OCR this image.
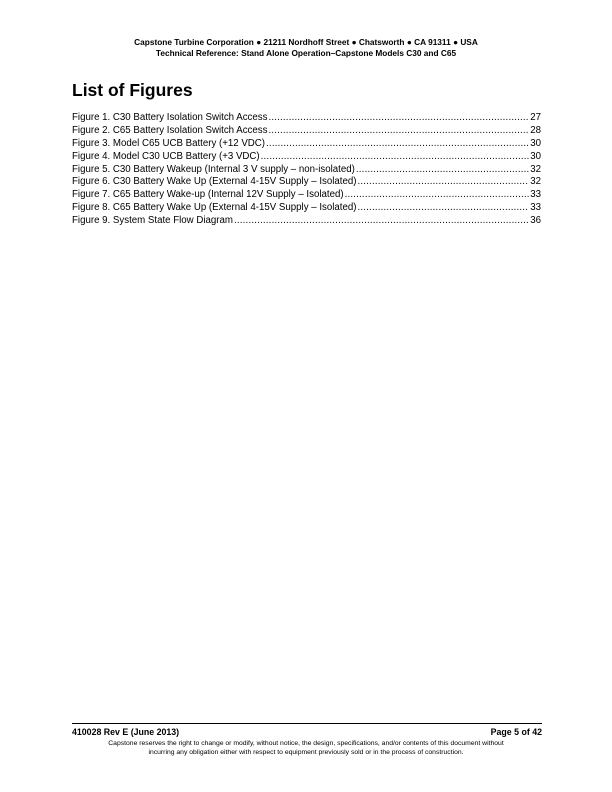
Capstone Turbine Corporation ● 21211 Nordhoff Street ● Chatsworth ● CA 91311 ● USA
Technical Reference: Stand Alone Operation–Capstone Models C30 and C65
List of Figures
Figure 1. C30 Battery Isolation Switch Access .....	27
Figure 2. C65 Battery Isolation Switch Access .....	28
Figure 3. Model C65 UCB Battery (+12 VDC) .....	30
Figure 4. Model C30 UCB Battery (+3 VDC) .....	30
Figure 5. C30 Battery Wakeup (Internal 3 V supply – non-isolated) .....	32
Figure 6. C30 Battery Wake Up (External 4-15V Supply – Isolated) .....	32
Figure 7. C65 Battery Wake-up (Internal 12V Supply – Isolated) .....	33
Figure 8. C65 Battery Wake Up (External 4-15V Supply – Isolated) .....	33
Figure 9. System State Flow Diagram .....	36
410028 Rev E (June 2013)	Page 5 of 42
Capstone reserves the right to change or modify, without notice, the design, specifications, and/or contents of this document without
incurring any obligation either with respect to equipment previously sold or in the process of construction.
